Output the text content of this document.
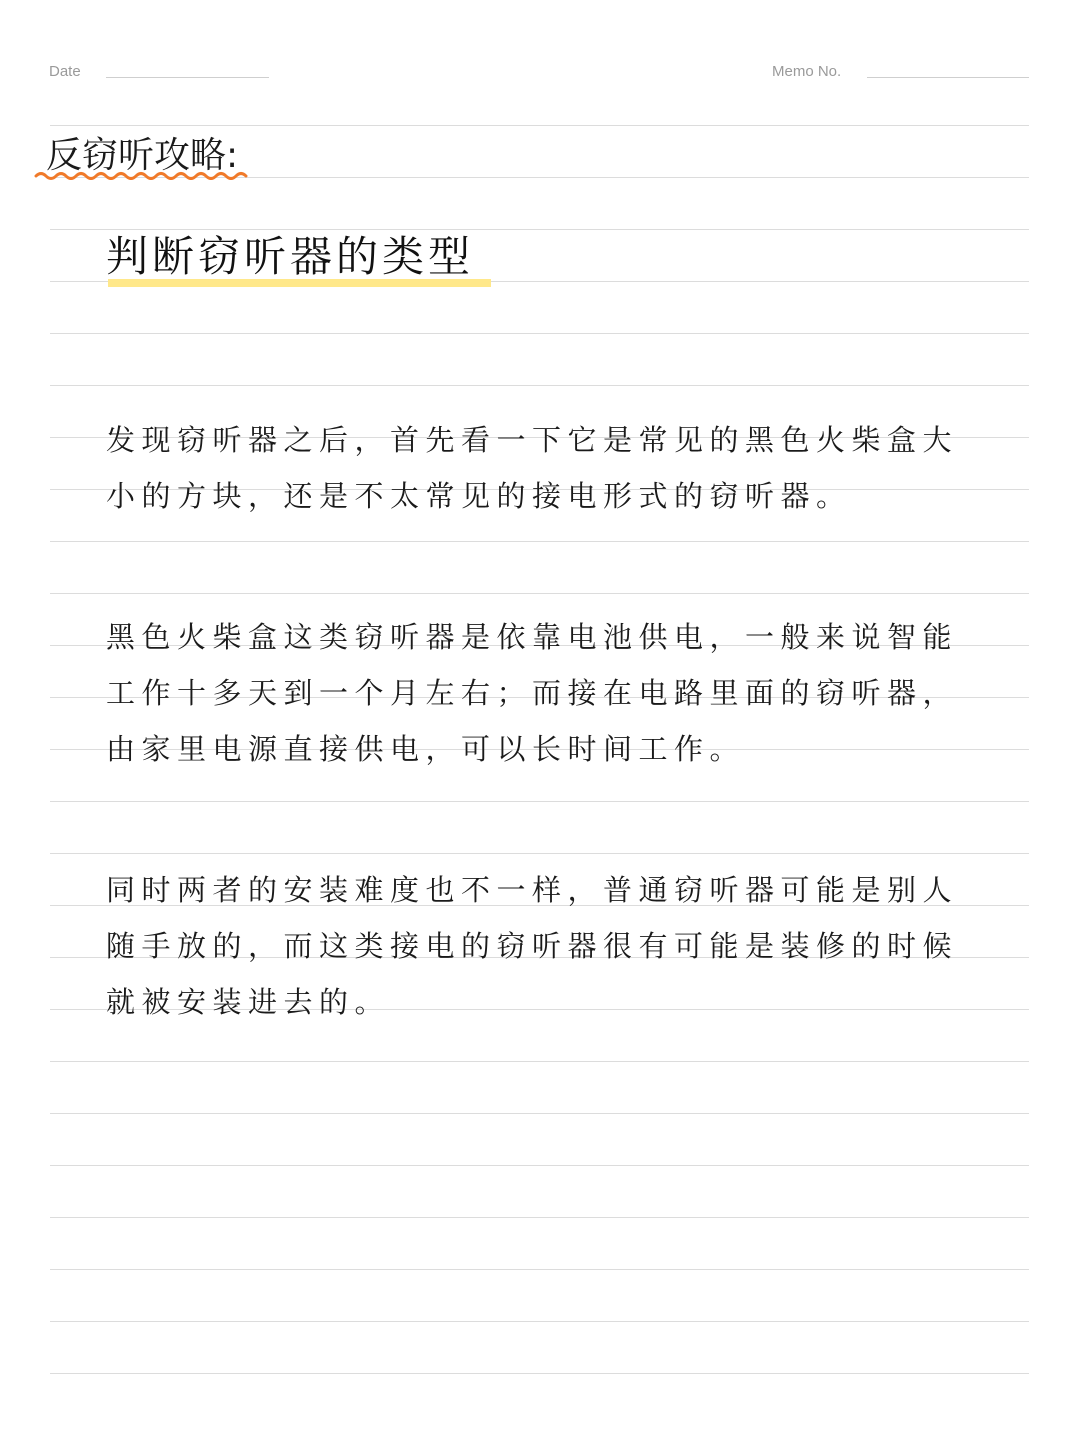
Date	Memo No.
反窃听攻略:
判断窃听器的类型

发现窃听器之后，首先看一下它是常见的黑色火柴盒大小的方块，还是不太常见的接电形式的窃听器。

黑色火柴盒这类窃听器是依靠电池供电，一般来说智能工作十多天到一个月左右；而接在电路里面的窃听器，由家里电源直接供电，可以长时间工作。

同时两者的安装难度也不一样，普通窃听器可能是别人随手放的，而这类接电的窃听器很有可能是装修的时候就被安装进去的。
